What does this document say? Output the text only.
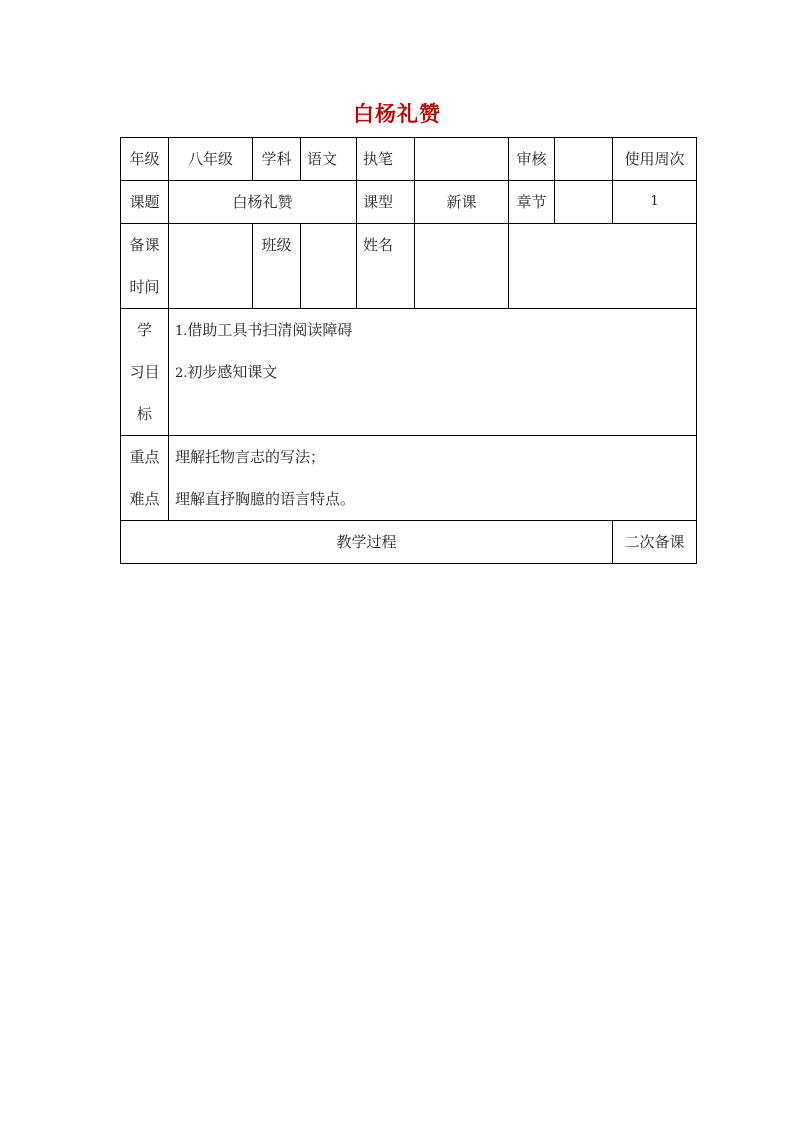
白杨礼赞
年级	八年级	学科	语文	执笔		审核		使用周次
课题	白杨礼赞			课型	新课	章节		1

备课
时间		班级		姓名				

学
习目
标	1.借助工具书扫清阅读障碍
2.初步感知课文							

重点
难点	理解托物言志的写法；
理解直抒胸臆的语言特点。							

教学过程								二次备课
